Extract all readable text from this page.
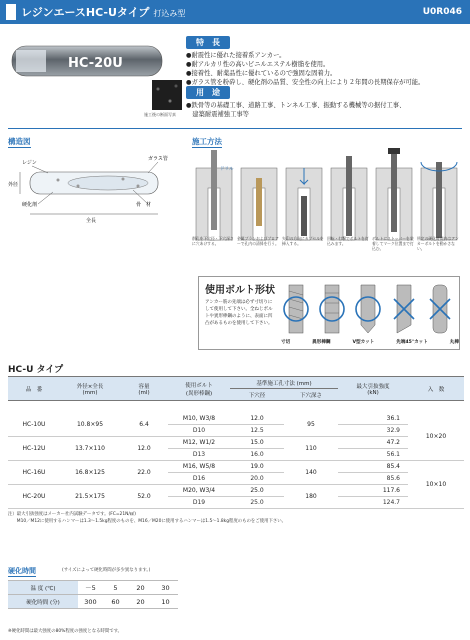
レジンエースHC-Uタイプ 打込み型	U0R046
HC-20U
施工後の断面写真
特　長
●耐震性に優れた接着系アンカー。
●耐アルカリ性の高いビニルエステル樹脂を使用。
●接着性、耐薬品性に優れているので強固な固着力。
●ガラス管を粉砕し、硬化剤の品質、安全性の向上により２年間の長期保存が可能。
用　途
●鉄骨等の基礎工事、道路工事、トンネル工事、振動する機械等の据付工事、
　建築耐震補強工事等
構造図
レジン
ガラス管
外径
硬化剤	骨　材
全長
施工方法
ドリル
削孔を下穴径・下穴深さに穴あけする。
金属ブラシおよびブロアーで孔内の清掃を行う。
矢印の方向にカプセルを挿入する。
回転・打撃でボルトを打込みます。
ボルトにストッパーを装着してマーク位置まで打込む。
所定の硬化時間内はアンカーボルトを動かさない。
使用ボルト形状
アンカー筋の先端は必ず寸切りにして使用して下さい。全ねじボルトや異形棒鋼のように、表面に凹凸があるものを使用して下さい。
寸切	異形棒鋼	V型カット	先端45°カット	丸棒
HC-U タイプ
品　番	外径×全長
(mm)	容量
(ml)	使用ボルト
(異形棒鋼)	基準施工孔寸法 (mm)		最大引抜強度
(kN)	入　数
				下穴径	下穴深さ		

HC-10U	10.8×95	6.4	M10, W3/8	12.0	95	36.1	10×20
			D10	12.5		32.9	
HC-12U	13.7×110	12.0	M12, W1/2	15.0	110	47.2	
			D13	16.0		56.1	
HC-16U	16.8×125	22.0	M16, W5/8	19.0	140	85.4	10×10
			D16	20.0		85.6	
HC-20U	21.5×175	52.0	M20, W3/4	25.0	180	117.6	
			D19	25.0		124.7	
注）最大引抜強度はメーカー社内試験データです。(FC=21N/㎟)
　　M10／M12に使用するハンマーは1.3～1.5kg程度のものを、M16／M20に使用するハンマーは1.5～1.8kg程度のものをご使用下さい。
硬化時間	(サイズによって硬化時間が多少異なります。)
温 度 (℃)	－5	5	20	30
硬化時間 (分)	300	60	20	10
※硬化時間は最大強度の80%程度の強度となる時間です。
